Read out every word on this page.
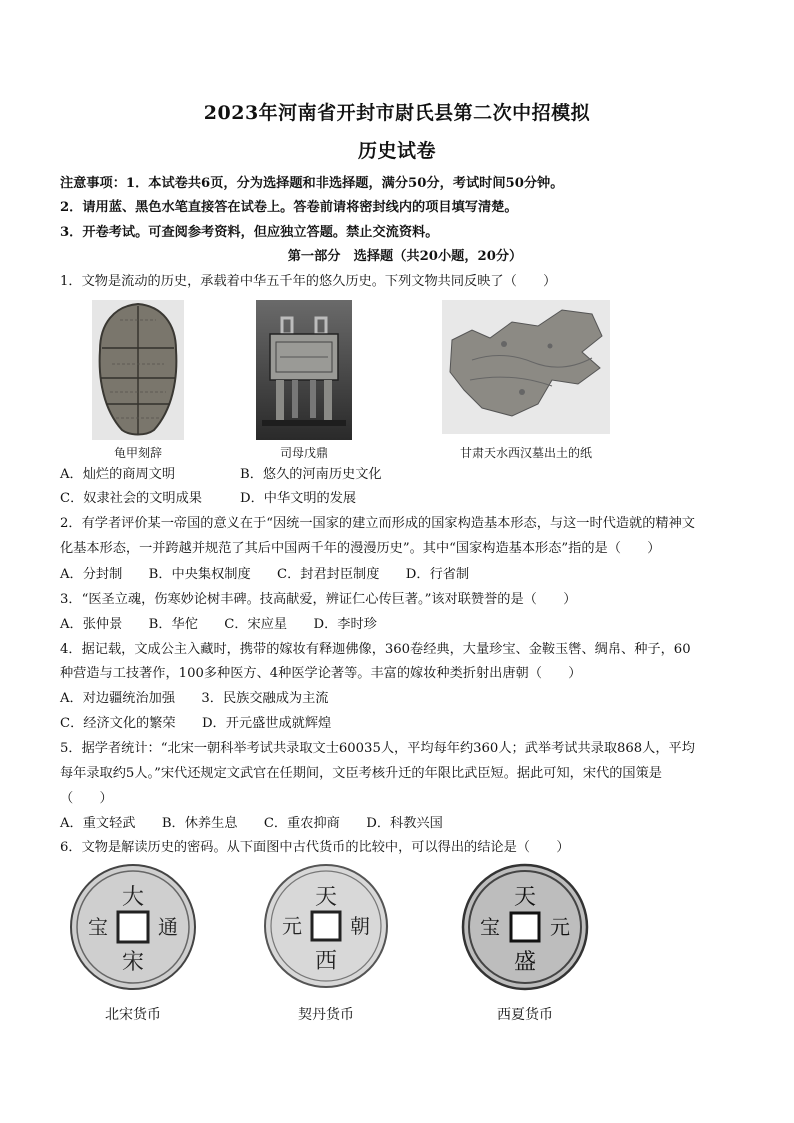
2023年河南省开封市尉氏县第二次中招模拟
历史试卷
注意事项：1．本试卷共6页，分为选择题和非选择题，满分50分，考试时间50分钟。
2．请用蓝、黑色水笔直接答在试卷上。答卷前请将密封线内的项目填写清楚。
3．开卷考试。可查阅参考资料，但应独立答题。禁止交流资料。
第一部分　选择题（共20小题，20分）
1．文物是流动的历史，承载着中华五千年的悠久历史。下列文物共同反映了（　　）
龟甲刻辞	司母戊鼎	甘肃天水西汉墓出土的纸
A．灿烂的商周文明	B．悠久的河南历史文化
C．奴隶社会的文明成果	D．中华文明的发展
2．有学者评价某一帝国的意义在于“因统一国家的建立而形成的国家构造基本形态，与这一时代造就的精神文
化基本形态，一并跨越并规范了其后中国两千年的漫漫历史”。其中“国家构造基本形态”指的是（　　）
A．分封制　　B．中央集权制度　　C．封君封臣制度　　D．行省制
3．“医圣立魂，伤寒妙论树丰碑。技高献爱，辨证仁心传巨著。”该对联赞誉的是（　　）
A．张仲景　　B．华佗　　C．宋应星　　D．李时珍
4．据记载，文成公主入藏时，携带的嫁妆有释迦佛像，360卷经典，大量珍宝、金鞍玉辔、绸帛、种子，60
种营造与工技著作，100多种医方、4种医学论著等。丰富的嫁妆种类折射出唐朝（　　）
A．对边疆统治加强　　3．民族交融成为主流
C．经济文化的繁荣　　D．开元盛世成就辉煌
5．据学者统计：“北宋一朝科举考试共录取文士60035人，平均每年约360人；武举考试共录取868人，平均
每年录取约5人。”宋代还规定文武官在任期间，文臣考核升迁的年限比武臣短。据此可知，宋代的国策是
（　　）
A．重文轻武　　B．休养生息　　C．重农抑商　　D．科教兴国
6．文物是解读历史的密码。从下面图中古代货币的比较中，可以得出的结论是（　　）
大
宋
通
宝
北宋货币
天
西
朝
元
契丹货币
天
盛
元
宝
西夏货币
